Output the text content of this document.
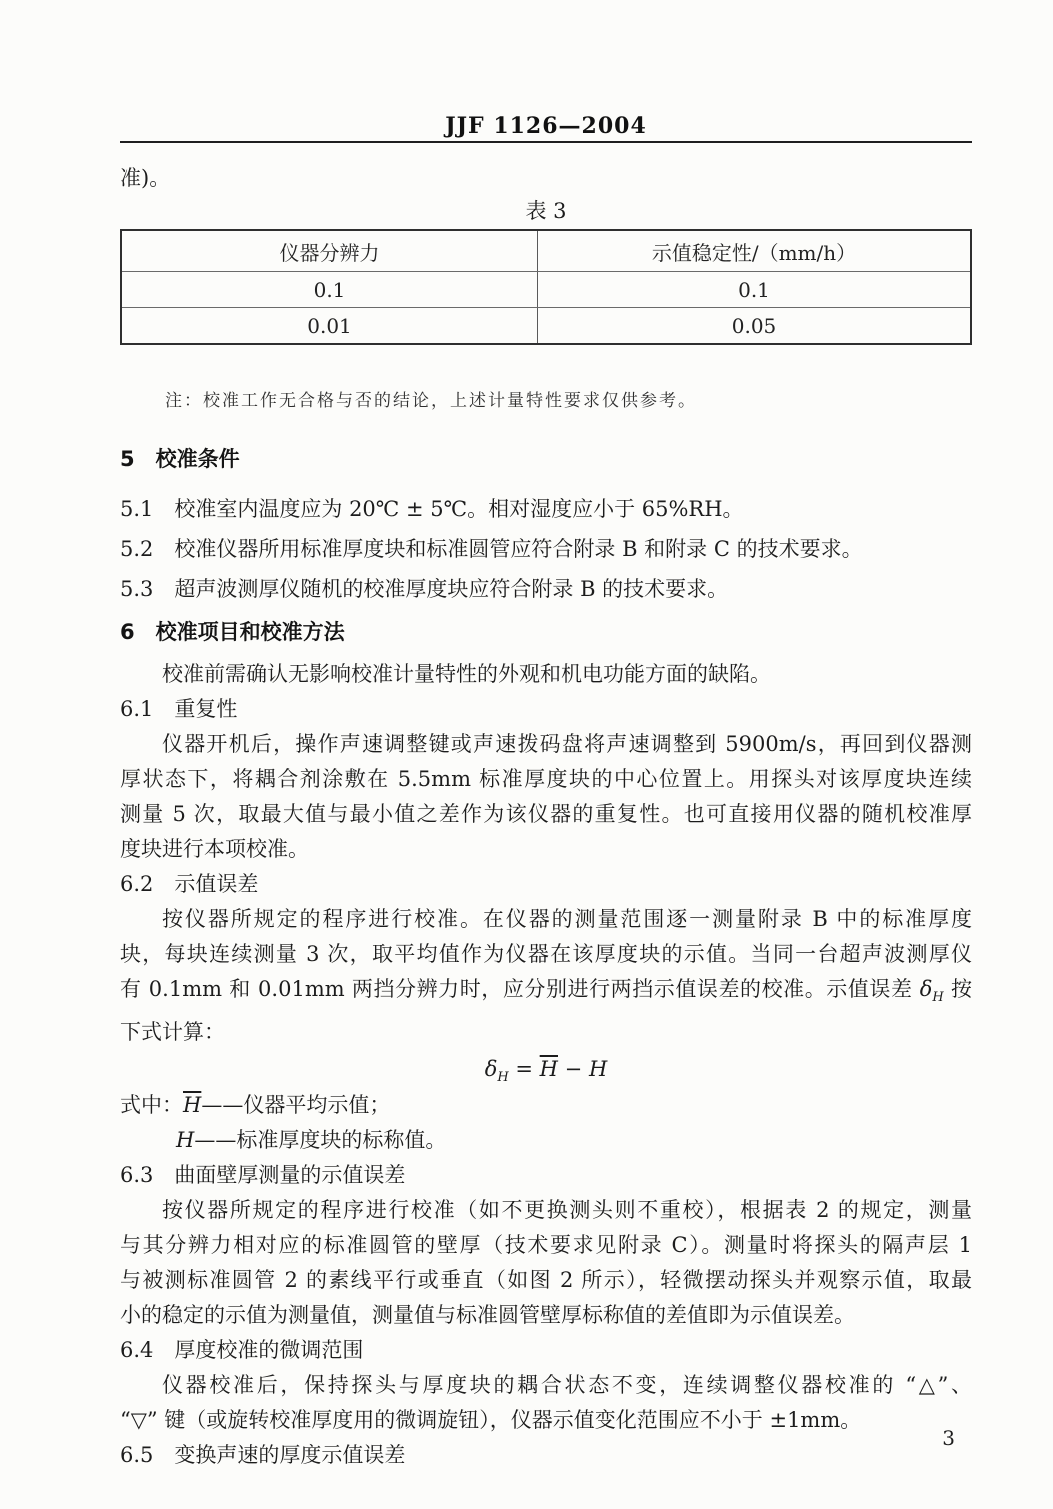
JJF 1126—2004
准)。
表 3
仪器分辨力	示值稳定性/（mm/h）
0.1	0.1
0.01	0.05
注：校准工作无合格与否的结论，上述计量特性要求仅供参考。
5　校准条件
5.1　校准室内温度应为 20℃ ± 5℃。相对湿度应小于 65%RH。
5.2　校准仪器所用标准厚度块和标准圆管应符合附录 B 和附录 C 的技术要求。
5.3　超声波测厚仪随机的校准厚度块应符合附录 B 的技术要求。
6　校准项目和校准方法
校准前需确认无影响校准计量特性的外观和机电功能方面的缺陷。
6.1　重复性
仪器开机后，操作声速调整键或声速拨码盘将声速调整到 5900m/s，再回到仪器测
厚状态下，将耦合剂涂敷在 5.5mm 标准厚度块的中心位置上。用探头对该厚度块连续
测量 5 次，取最大值与最小值之差作为该仪器的重复性。也可直接用仪器的随机校准厚
度块进行本项校准。
6.2　示值误差
按仪器所规定的程序进行校准。在仪器的测量范围逐一测量附录 B 中的标准厚度
块，每块连续测量 3 次，取平均值作为仪器在该厚度块的示值。当同一台超声波测厚仪
有 0.1mm 和 0.01mm 两挡分辨力时，应分别进行两挡示值误差的校准。示值误差 $\delta_H$ 按
下式计算：
$\delta_H = \overline{H} - H$
式中：$\overline{H}——$仪器平均示值；
H——标准厚度块的标称值。
6.3　曲面壁厚测量的示值误差
按仪器所规定的程序进行校准（如不更换测头则不重校），根据表 2 的规定，测量
与其分辨力相对应的标准圆管的壁厚（技术要求见附录 C）。测量时将探头的隔声层 1
与被测标准圆管 2 的素线平行或垂直（如图 2 所示），轻微摆动探头并观察示值，取最
小的稳定的示值为测量值，测量值与标准圆管壁厚标称值的差值即为示值误差。
6.4　厚度校准的微调范围
仪器校准后，保持探头与厚度块的耦合状态不变，连续调整仪器校准的 “△”、
“▽” 键（或旋转校准厚度用的微调旋钮），仪器示值变化范围应不小于 ±1mm。
6.5　变换声速的厚度示值误差
3
